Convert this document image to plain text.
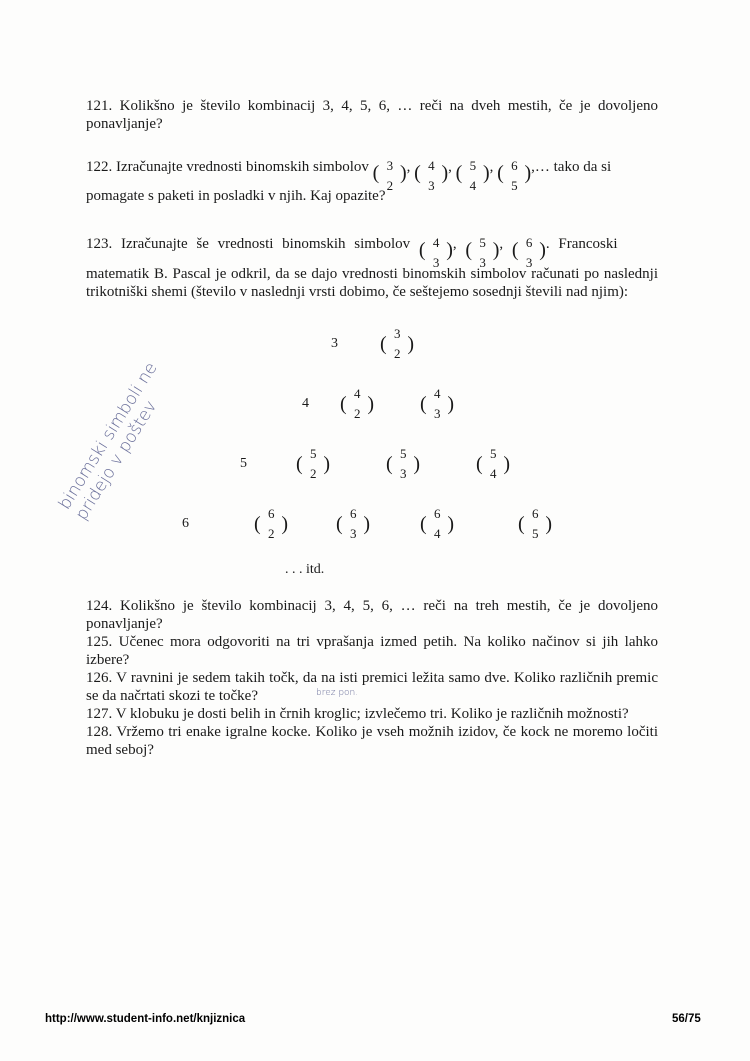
121. Kolikšno je število kombinacij 3, 4, 5, 6, … reči na dveh mestih, če je dovoljeno ponavljanje?
122. Izračunajte vrednosti binomskih simbolov ( 3
2
) , ( 4
3
) , ( 5
4
) , ( 6
5
) ,… tako da si
pomagate s paketi in posladki v njih. Kaj opazite?
123. Izračunajte še vrednosti binomskih simbolov ( 4
3
) , ( 5
3
) , ( 6
3
) . Francoski
matematik B. Pascal je odkril, da se dajo vrednosti binomskih simbolov računati po naslednji trikotniški shemi (število v naslednji vrsti dobimo, če seštejemo sosednji števili nad njim):
3 ( 3
2 )
4 ( 4
2 ) ( 4
3 )
5 ( 5
2 )	( 5
3 )	( 5
4 )
6	( 6
2 ) ( 6
3 )	( 6
4 )	( 6
5 )
. . . itd.
binomski simboli ne pridejo v poštev
124. Kolikšno je število kombinacij 3, 4, 5, 6, … reči na treh mestih, če je dovoljeno ponavljanje?
125. Učenec mora odgovoriti na tri vprašanja izmed petih. Na koliko načinov si jih lahko izbere?
126. V ravnini je sedem takih točk, da na isti premici ležita samo dve. Koliko različnih premic se da načrtati skozi te točke?	brez pon.
127. V klobuku je dosti belih in črnih kroglic; izvlečemo tri. Koliko je različnih možnosti?
128. Vržemo tri enake igralne kocke. Koliko je vseh možnih izidov, če kock ne moremo ločiti med seboj?
http://www.student-info.net/knjiznica	56/75
